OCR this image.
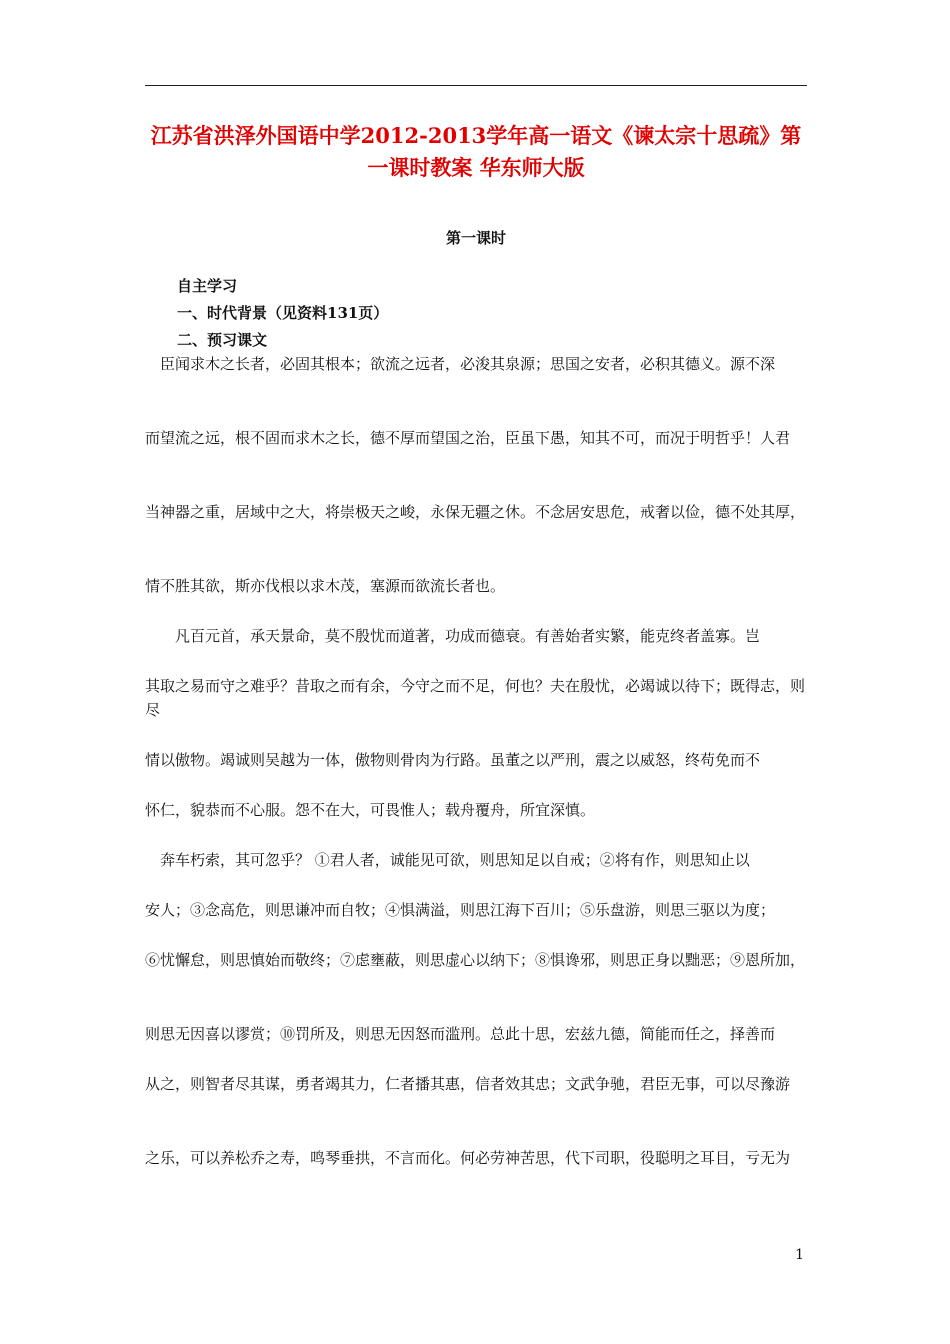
江苏省洪泽外国语中学2012-2013学年高一语文《谏太宗十思疏》第一课时教案 华东师大版
第一课时
自主学习
一、时代背景（见资料131页）
二、预习课文
　臣闻求木之长者，必固其根本；欲流之远者，必浚其泉源；思国之安者，必积其德义。源不深
而望流之远，根不固而求木之长，德不厚而望国之治，臣虽下愚，知其不可，而况于明哲乎！人君
当神器之重，居域中之大，将崇极天之峻，永保无疆之休。不念居安思危，戒奢以俭，德不处其厚，
情不胜其欲，斯亦伐根以求木茂，塞源而欲流长者也。
　　凡百元首，承天景命，莫不殷忧而道著，功成而德衰。有善始者实繁，能克终者盖寡。岂
其取之易而守之难乎？昔取之而有余，今守之而不足，何也？夫在殷忧，必竭诚以待下；既得志，则尽
情以傲物。竭诚则吴越为一体，傲物则骨肉为行路。虽董之以严刑，震之以威怒，终苟免而不
怀仁，貌恭而不心服。怨不在大，可畏惟人；载舟覆舟，所宜深慎。
　奔车朽索，其可忽乎？ ①君人者，诚能见可欲，则思知足以自戒；②将有作，则思知止以
安人；③念高危，则思谦冲而自牧；④惧满溢，则思江海下百川；⑤乐盘游，则思三驱以为度；
⑥忧懈怠，则思慎始而敬终；⑦虑壅蔽，则思虚心以纳下；⑧惧谗邪，则思正身以黜恶；⑨恩所加，
则思无因喜以谬赏；⑩罚所及，则思无因怒而滥刑。总此十思，宏兹九德，简能而任之，择善而
从之，则智者尽其谋，勇者竭其力，仁者播其惠，信者效其忠；文武争驰，君臣无事，可以尽豫游
之乐，可以养松乔之寿，鸣琴垂拱，不言而化。何必劳神苦思，代下司职，役聪明之耳目，亏无为
1
